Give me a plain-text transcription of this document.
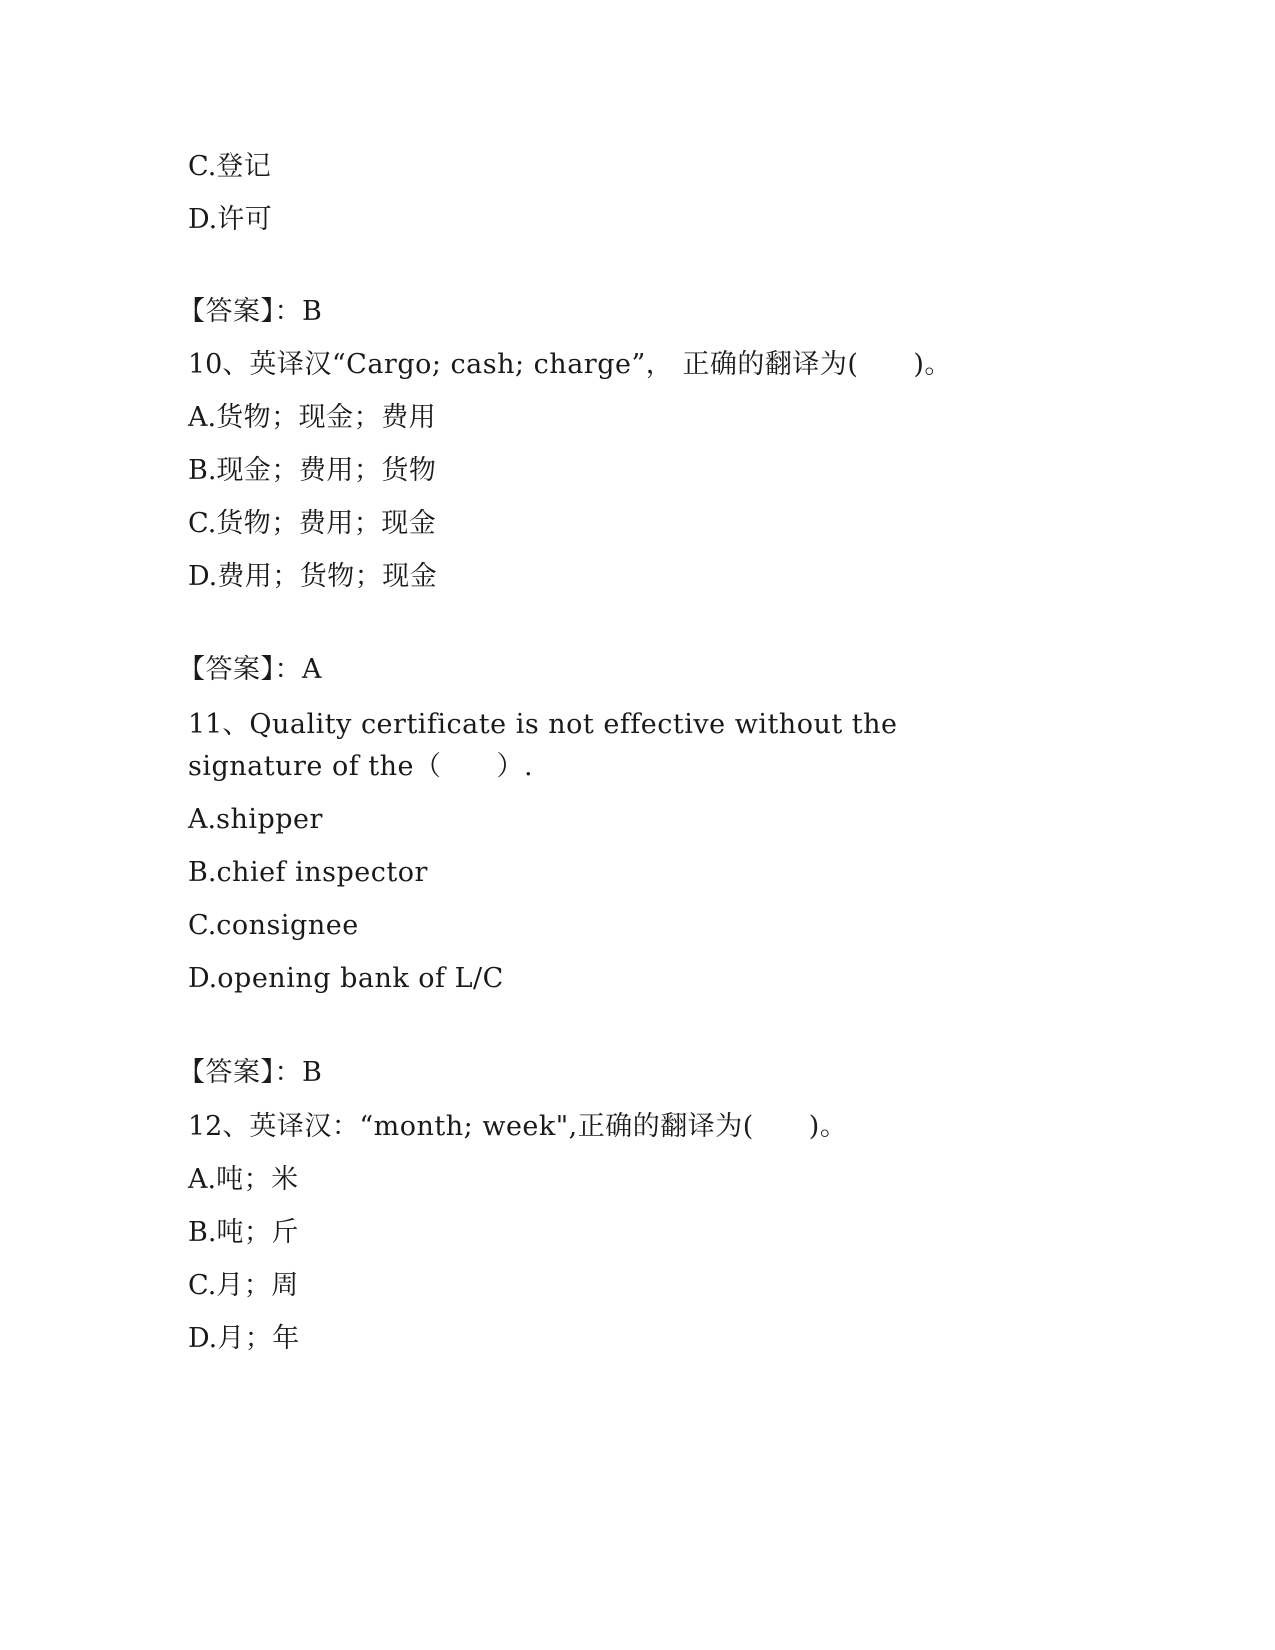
C.登记
D.许可
【答案】：B
10、英译汉“Cargo; cash; charge”， 正确的翻译为(　　)。
A.货物；现金；费用
B.现金；费用；货物
C.货物；费用；现金
D.费用；货物；现金
【答案】：A
11、Quality certificate is not effective without the
signature of the（　　）.
A.shipper
B.chief inspector
C.consignee
D.opening bank of L/C
【答案】：B
12、英译汉：“month; week",正确的翻译为(　　)。
A.吨；米
B.吨；斤
C.月；周
D.月；年
